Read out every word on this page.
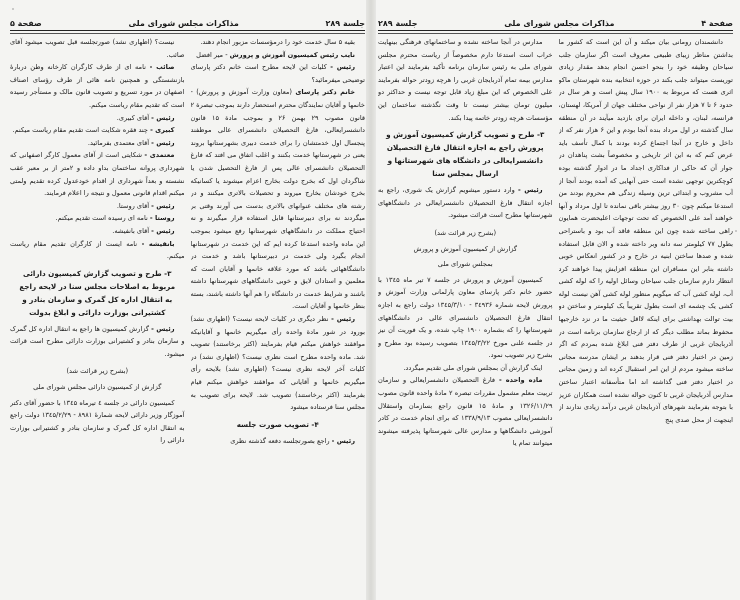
جلسة ۲۸۹
مذاکرات مجلس شورای ملی
صفحة ۵

بقیه ۵ سال خدمت خود را درمؤسسات مزبور انجام دهند.

نایب رئیس کمیسیون آموزش و پرورش - میر افضل

رئیس - کلیات این لایحه مطرح است خانم دکتر پارسای توضیحی میفرمائید؟

خانم دکتر پارسای (معاون وزارت آموزش و پرورش) - خانمها و آقایان نمایندگان محترم استحضار دارند بموجب تبصرة ۲ قانون مصوب ۲۹ بهمن ۲۶ و بموجب مادة ۱۵ قانون دانشسرایعالی، فارغ التحصیلان دانشسرای عالی موظفند پنجسال اول خدمتشان را برای خدمت دبیری بشهرستانها بروند یعنی در شهرستانها خدمت بکنند و اغلب اتفاق می افتد که فارغ التحصیلان دانشسرای عالی پس از فارغ التحصیل شدن یا شاگردان اول که بخرج دولت بخارج اعزام میشوند یا کسانیکه بخرج خودشان بخارج میروند و تحصیلات بالاتری میکنند و در رشته های مختلف عنوانهای بالاتری بدست می آورند وقتی بر میگردند نه برای دبیرستانها قابل استفاده قرار میگیرند و نه احتیاج مملکت در دانشگاههای شهرستانها رفع میشود بموجب این ماده واحده استدعا کرده ایم که این خدمت در شهرستانها انجام بگیرد ولی خدمت در دبیرستانها باشد و خدمت در دانشگاههائی باشد که مورد علاقه خانمها و آقایان است که معلمین و استادان لایق و خوبی دانشگاههای شهرستانها داشته باشند و شرایط خدمت در دانشگاه را هم آنها داشته باشند، بسته بنظر خانمها و آقایان است.

رئیس - نظر دیگری در کلیات لایحه نیست؟ (اظهاری نشد) بورود در شور مادة واحده رأی میگیریم خانمها و آقایانیکه موافقند خواهش میکنم قیام بفرمایند (اکثر برخاستند) تصویب شد. ماده واحده مطرح است نظری نیست؟ (اظهاری نشد) در کلیات آخر لایحه نظری نیست؟ (اظهاری نشد) بلایحه رأی میگیریم خانمها و آقایانی که موافقند خواهش میکنم قیام بفرمایند (اکثر برخاستند) تصویب شد. لایحه برای تصویب به مجلس سنا فرستاده میشود

۴- تصویب صورت جلسه

رئیس - راجع بصورتجلسه دفعه گذشته نظری

نیست؟ (اظهاری نشد) صورتجلسه قبل تصویب میشود آقای صائب.

صائب - نامه ای از طرف کارگران کارخانه وطن دربارهٔ بازنشستگی و همچنین نامه هائی از طرف رؤسای اصناف اصفهان در مورد تسریع و تصویب قانون مالک و مستأجر رسیده است که تقدیم مقام ریاست میکنم.

رئیس - آقای کبیری.

کبیری - چند فقره شکایت است تقدیم مقام ریاست میکنم.

رئیس - آقای معتمدی بفرمائید.

معتمدی - شکایتی است از آقای معمول کارگر اصفهانی که شهرداری پروانه ساختمان بداو داده و ۲متر از بر معبر عقب نشسته و بعداً شهرداری از اقدام خودعدول کرده تقدیم ولمتی میکنم اقدام قانونی معمول و نتیجه را اعلام فرمایند.

رئیس - آقای روستا.

روستا - نامه ای رسیده است تقدیم میکنم.

رئیس - آقای بانفیشه.

بانفیشه - نامه ایست از کارگران تقدیم مقام ریاست میکنم.

۳- طرح و تصویب گزارش کمیسیون دارائی مربوط به اصلاحات مجلس سنا در لایحه راجع به انتقال اداره کل گمرک و سازمان بنادر و کشتیرانی بوزارت دارائی و ابلاغ بدولت

رئیس - گزارش کمیسیون ها راجع به انتقال اداره کل گمرک و سازمان بنادر و کشتیرانی بوزارت دارائی مطرح است قرائت میشود.

(بشرح زیر قرائت شد)

گزارش از کمیسیون دارائی مجلس شورای ملی

کمیسیون دارائی در جلسه ٤ تیرماه ۱۳٤۵ با حضور آقای دکتر آموزگار وزیر دارائی لایحه شمارهٔ ۸۹۸۱ - ۱۳٤۵/۲/۲۹ دولت راجع به انتقال اداره کل گمرک و سازمان بنادر و کشتیرانی بوزارت دارائی را

صفحة ۴
مذاکرات مجلس شورای ملی
جلسة ۲۸۹

دانشمندان رومانی بیان میکند و آن این است که کشور ما بداشتن مناظر زیبای طبیعی معروف است اگر سازمان جلب سیاحان وظیفه خود را بنحو احسن انجام بدهد مقدار زیادی توریست میتواند جلب بکند در حوزه انتخابیه بنده شهرستان ماکو اثری هست که مربوط به ۱۹۰۰ سال پیش است و هر سال در حدود ۶ تا ۷ هزار نفر از نواحی مختلف جهان از آمریکا، لهستان، فرانسه، لبنان، و داخله ایران برای بازدید میآیند در آن منطقه سال گذشته در اول مرداد بنده آنجا بودم و این ۶ هزار نفر که از داخل و خارج در آنجا اجتماع کرده بودند با کمال تأسف باید عرض کنم که به این اثر تاریخی و مخصوصاً بشت پناهدان در جوار آن که حاکی از فداکاری اجداد ما در ادوار گذشته بوده کوچکترین توجهی نشده است حتی آنهایی که آمده بودند آنجا از آب مشروب و ابتدائی ترین وسیله زندگی هم محروم بودند من استدعا میکنم چون ۳۰ روز بیشتر باقی نمانده تا اول مرداد و آنها خواهند آمد علی الخصوص که تحت توجهات اعلیحضرت همایون راهی ساخته شده چون این منطقه فاقد آب بود و باستراحی بطول ۷۷ کیلومتر سه دانه وبر داخته شده و الان قابل استفاده شده و صدها ساختن ابنیه در خارج و در کشور انعکاس خوبی داشته بنابر این مسافران این منطقه افزایش پیدا خواهند کرد انتظار دارم سازمان جلب سیاحان وسائل اولیه را که لوله کشی آب، لوله کشی آب که میگویم منظور لوله کشی آهن نیست لوله کشی یک چشمه ای است بطول تقریباً یک کیلومتر و ساختن دو بیت توالت بهداشتی برای اینکه لااقل حیثیت ما در نزد خارجیها محفوظ بماند مطلب دیگر که از ارجاع سازمان برنامه است در آذربایجان غربی از طرف دفتر فنی ابلاغ شده بمردم که اگر زمین در اختیار دفتر فنی قرار بدهند بر ایشان مدرسه مجانی ساخته میشود مردم از این امر استقبال کرده اند و زمین مجانی در اختیار دفتر فنی گذاشته اند اما متأسفانه اعتبار ساختن مدارس آذربایجان غربی تا کنون حواله نشده است همکاران عزیز با بتوجه بفرمایند شهرهای آذربایجان غربی درآمد زیادی ندارند از اینجهت از محل صدی پنج

مدارس در آنجا ساخته نشده و ساختمانهای فرهنگی بینهایت خراب است استدعا دارم مخصوصاً از ریاست محترم مجلس شورای ملی به رئیس سازمان برنامه تأکید بفرمایند این اعتبار مدارس بیمه تمام آذربایجان غربی را هرچه زودتر حواله بفرمایند علی الخصوص که این مبلغ زیاد قابل توجه نیست و حداکثر دو میلیون تومان بیشتر نیست تا وقت نگذشته ساختمان این مؤسسات هرچه زودتر خاتمه پیدا بکند.

۳- طرح و تصویب گزارش کمیسیون آموزش و پرورش راجع به اجازه انتقال فارغ التحصیلان دانشسرایعالی در دانشگاه های شهرستانها و ارسال بمجلس سنا

رئیس - وارد دستور میشویم گزارش یک شوری، راجع به اجازه انتقال فارغ التحصیلان دانشسرایعالی در دانشگاههای شهرستانها مطرح است قرائت میشود.

(بشرح زیر قرائت شد)

گزارش از کمیسیون آموزش و پرورش

بمجلس شورای ملی

کمیسیون آموزش و پرورش در جلسه ۷ تیر ماه ۱۳٤۵ با حضور خانم دکتر پارسای معاون پارلمانی وزارت آموزش و پرورش لایحه شماره ۳٤۹۳۶ - ۱۳٤۵/۳/۱۰ دولت راجع به اجازه انتقال فارغ التحصیلان دانشسرای عالی در دانشگاههای شهرستانها را که بشماره ۱۹۰۰ چاپ شده، و یک فوریت آن نیز در جلسه علنی مورخ ۱۳٤۵/۳/۲۲ بتصویب رسیده بود مطرح و بشرح زیر تصویب نمود.

اینک گزارش آن بمجلس شورای ملی تقدیم میگردد.

ماده واحده - فارغ التحصیلان دانشسرایعالی و سازمان تربیت معلم مشمول مقررات تبصره ۲ مادهٔ واحده قانون مصوب ۱۳۲۶/۱۱/۲۹ و مادهٔ ۱۵ قانون راجع بسازمان واستقلال دانشسرایعالی مصوب ۱۳۳۸/۹/۱۳ که برای انجام خدمت در کادر آموزشی دانشگاهها و مدارس عالی شهرستانها پذیرفته میشوند میتوانند تمام یا
